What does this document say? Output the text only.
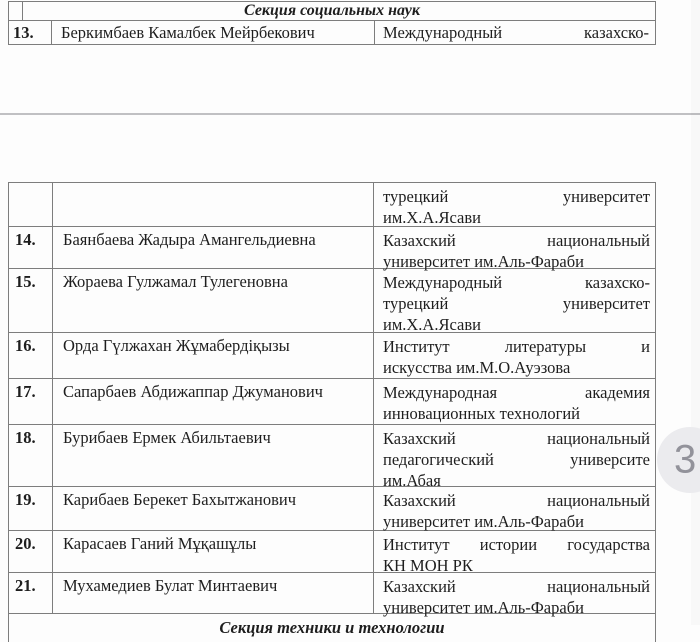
Секция социальных наук
13. Беркимбаев Камалбек Мейрбекович	Международный казахско-
турецкий университет
им.Х.А.Ясави
14.	Баянбаева Жадыра Амангельдиевна	Казахский национальный
университет им.Аль-Фараби
15.	Жораева Гулжамал Тулегеновна	Международный казахско-
турецкий университет
им.Х.А.Ясави
16.	Орда Гүлжахан Жұмабердіқызы	Институт литературы и
искусства им.М.О.Ауэзова
17.	Сапарбаев Абдижаппар Джуманович	Международная академия
инновационных технологий
18.	Бурибаев Ермек Абильтаевич	Казахский национальный
педагогический университе
им.Абая
19.	Карибаев Берекет Бахытжанович	Казахский национальный
университет им.Аль-Фараби
20.	Карасаев Ганий Мұқашұлы	Институт истории государства
КН МОН РК
21.	Мухамедиев Булат Минтаевич	Казахский национальный
университет им.Аль-Фараби
Секция техники и технологии
3
